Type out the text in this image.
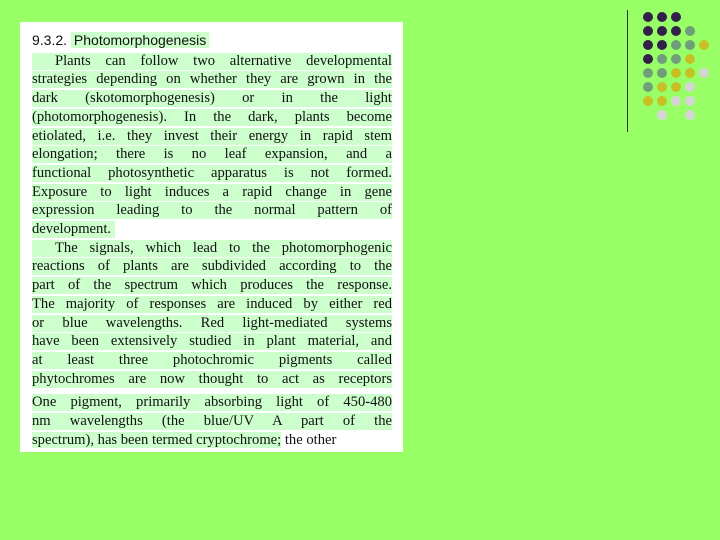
9.3.2. Photomorphogenesis
Plants can follow two alternative developmental
strategies depending on whether they are grown in the
dark (skotomorphogenesis) or in the light
(photomorphogenesis). In the dark, plants become
etiolated, i.e. they invest their energy in rapid stem
elongation; there is no leaf expansion, and a
functional photosynthetic apparatus is not formed.
Exposure to light induces a rapid change in gene
expression leading to the normal pattern of
development.
The signals, which lead to the photomorphogenic
reactions of plants are subdivided according to the
part of the spectrum which produces the response.
The majority of responses are induced by either red
or blue wavelengths. Red light-mediated systems
have been extensively studied in plant material, and
at least three photochromic pigments called
phytochromes are now thought to act as receptors
One pigment, primarily absorbing light of 450-480
nm wavelengths (the blue/UV A part of the
spectrum), has been termed cryptochrome; the other
